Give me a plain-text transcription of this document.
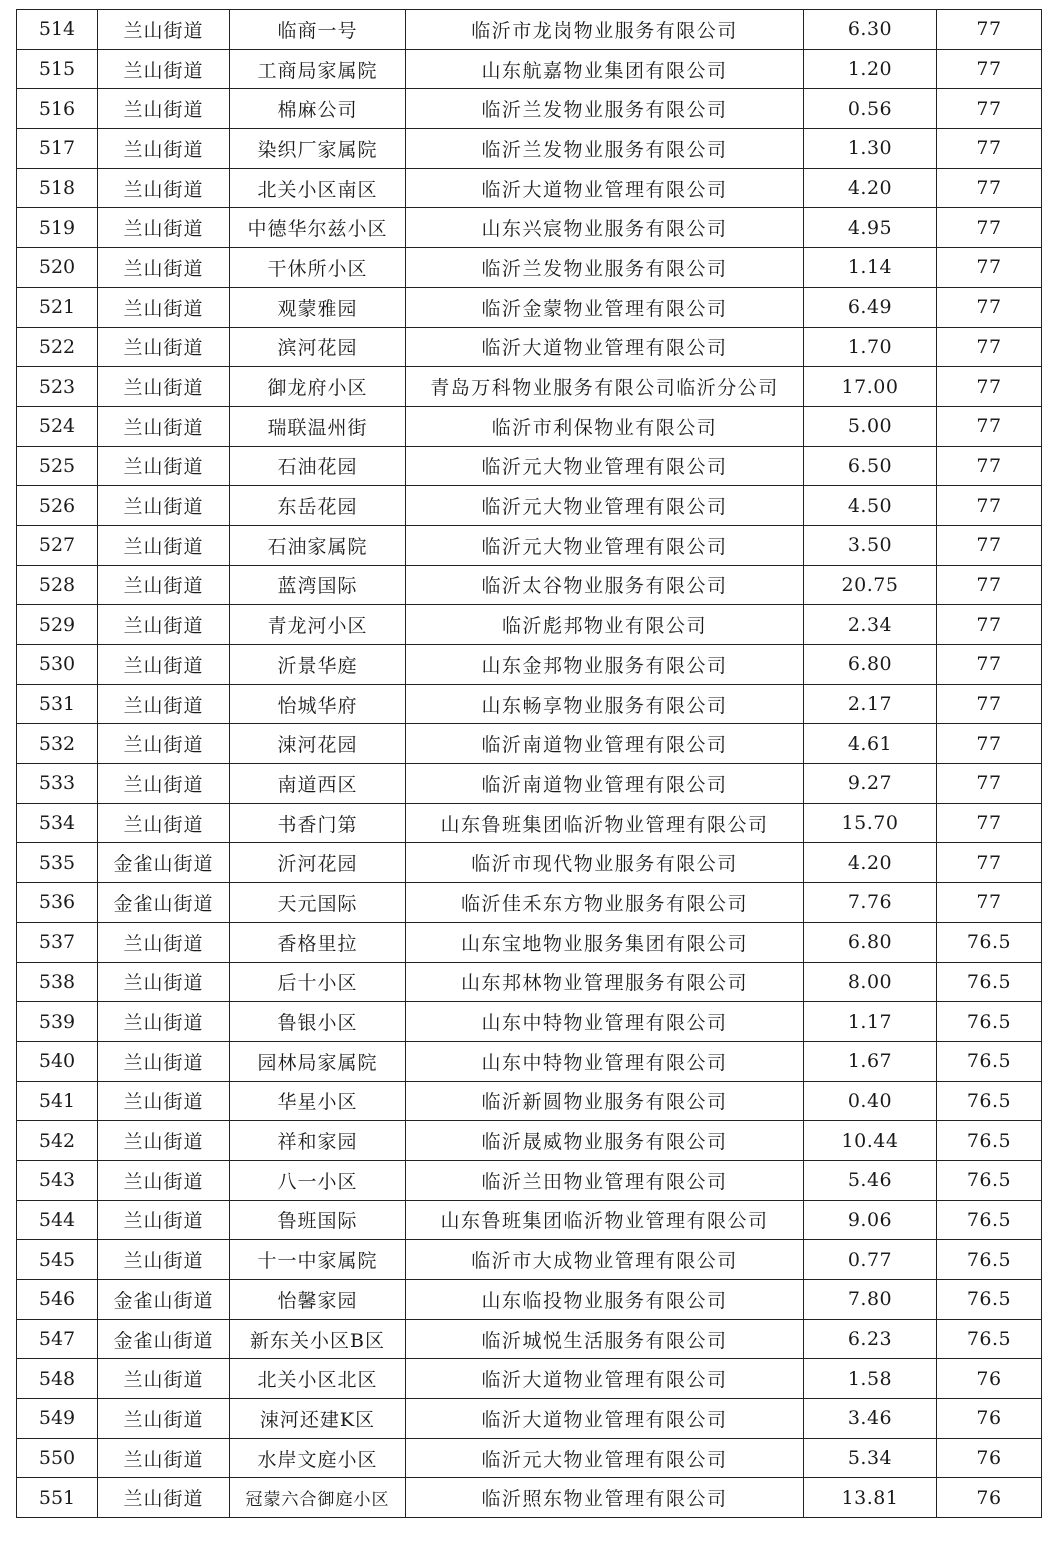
514	兰山街道	临商一号	临沂市龙岗物业服务有限公司	6.30	77
515	兰山街道	工商局家属院	山东航嘉物业集团有限公司	1.20	77
516	兰山街道	棉麻公司	临沂兰发物业服务有限公司	0.56	77
517	兰山街道	染织厂家属院	临沂兰发物业服务有限公司	1.30	77
518	兰山街道	北关小区南区	临沂大道物业管理有限公司	4.20	77
519	兰山街道	中德华尔兹小区	山东兴宸物业服务有限公司	4.95	77
520	兰山街道	干休所小区	临沂兰发物业服务有限公司	1.14	77
521	兰山街道	观蒙雅园	临沂金蒙物业管理有限公司	6.49	77
522	兰山街道	滨河花园	临沂大道物业管理有限公司	1.70	77
523	兰山街道	御龙府小区	青岛万科物业服务有限公司临沂分公司	17.00	77
524	兰山街道	瑞联温州街	临沂市利保物业有限公司	5.00	77
525	兰山街道	石油花园	临沂元大物业管理有限公司	6.50	77
526	兰山街道	东岳花园	临沂元大物业管理有限公司	4.50	77
527	兰山街道	石油家属院	临沂元大物业管理有限公司	3.50	77
528	兰山街道	蓝湾国际	临沂太谷物业服务有限公司	20.75	77
529	兰山街道	青龙河小区	临沂彪邦物业有限公司	2.34	77
530	兰山街道	沂景华庭	山东金邦物业服务有限公司	6.80	77
531	兰山街道	怡城华府	山东畅享物业服务有限公司	2.17	77
532	兰山街道	涑河花园	临沂南道物业管理有限公司	4.61	77
533	兰山街道	南道西区	临沂南道物业管理有限公司	9.27	77
534	兰山街道	书香门第	山东鲁班集团临沂物业管理有限公司	15.70	77
535	金雀山街道	沂河花园	临沂市现代物业服务有限公司	4.20	77
536	金雀山街道	天元国际	临沂佳禾东方物业服务有限公司	7.76	77
537	兰山街道	香格里拉	山东宝地物业服务集团有限公司	6.80	76.5
538	兰山街道	后十小区	山东邦林物业管理服务有限公司	8.00	76.5
539	兰山街道	鲁银小区	山东中特物业管理有限公司	1.17	76.5
540	兰山街道	园林局家属院	山东中特物业管理有限公司	1.67	76.5
541	兰山街道	华星小区	临沂新圆物业服务有限公司	0.40	76.5
542	兰山街道	祥和家园	临沂晟威物业服务有限公司	10.44	76.5
543	兰山街道	八一小区	临沂兰田物业管理有限公司	5.46	76.5
544	兰山街道	鲁班国际	山东鲁班集团临沂物业管理有限公司	9.06	76.5
545	兰山街道	十一中家属院	临沂市大成物业管理有限公司	0.77	76.5
546	金雀山街道	怡馨家园	山东临投物业服务有限公司	7.80	76.5
547	金雀山街道	新东关小区B区	临沂城悦生活服务有限公司	6.23	76.5
548	兰山街道	北关小区北区	临沂大道物业管理有限公司	1.58	76
549	兰山街道	涑河还建K区	临沂大道物业管理有限公司	3.46	76
550	兰山街道	水岸文庭小区	临沂元大物业管理有限公司	5.34	76
551	兰山街道	冠蒙六合御庭小区	临沂照东物业管理有限公司	13.81	76
